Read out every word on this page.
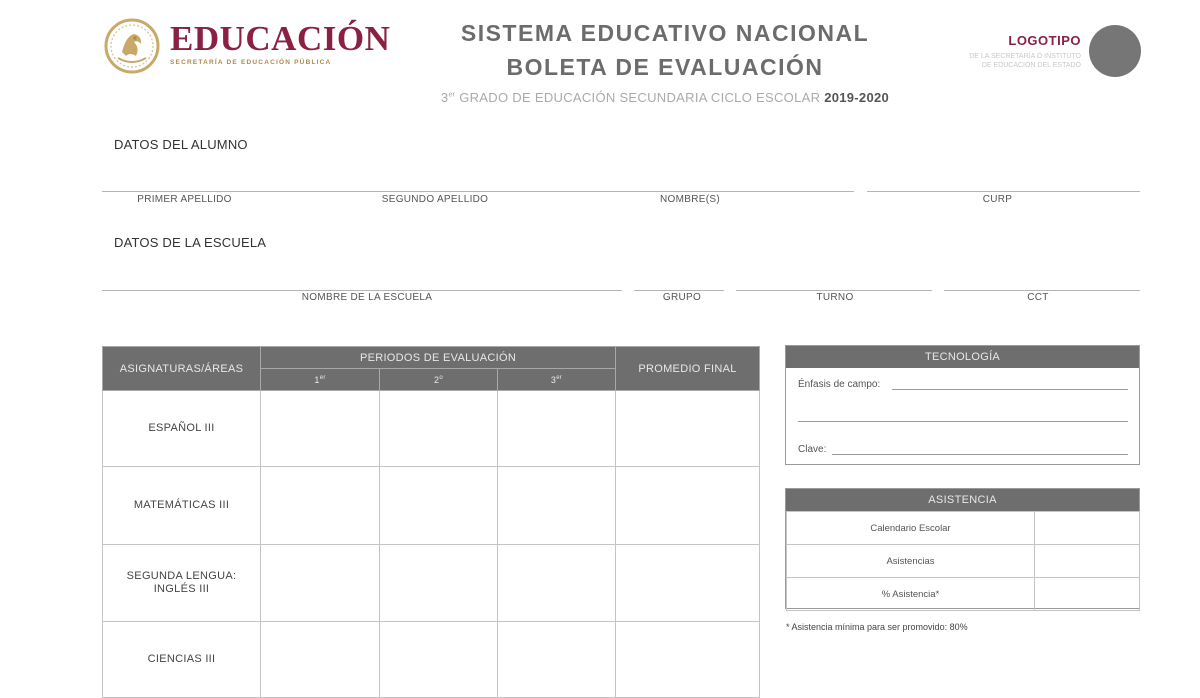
EDUCACIÓN
SECRETARÍA DE EDUCACIÓN PÚBLICA
SISTEMA EDUCATIVO NACIONAL
BOLETA DE EVALUACIÓN
3er GRADO DE EDUCACIÓN SECUNDARIA CICLO ESCOLAR 2019-2020
LOGOTIPO
DE LA SECRETARÍA O INSTITUTO
DE EDUCACIÓN DEL ESTADO
DATOS DEL ALUMNO
PRIMER APELLIDO	SEGUNDO APELLIDO	NOMBRE(S)	CURP
DATOS DE LA ESCUELA
NOMBRE DE LA ESCUELA	GRUPO	TURNO	CCT
ASIGNATURAS/ÁREAS	PERIODOS DE EVALUACIÓN			PROMEDIO FINAL
	1er	2$^o$	3er
ESPAÑOL III				
MATEMÁTICAS III				

SEGUNDA LENGUA:
INGLÉS III				

CIENCIAS III				
TECNOLOGÍA
Énfasis de campo:
Clave:
ASISTENCIA
Calendario Escolar	
Asistencias	
% Asistencia*	
* Asistencia mínima para ser promovido: 80%
